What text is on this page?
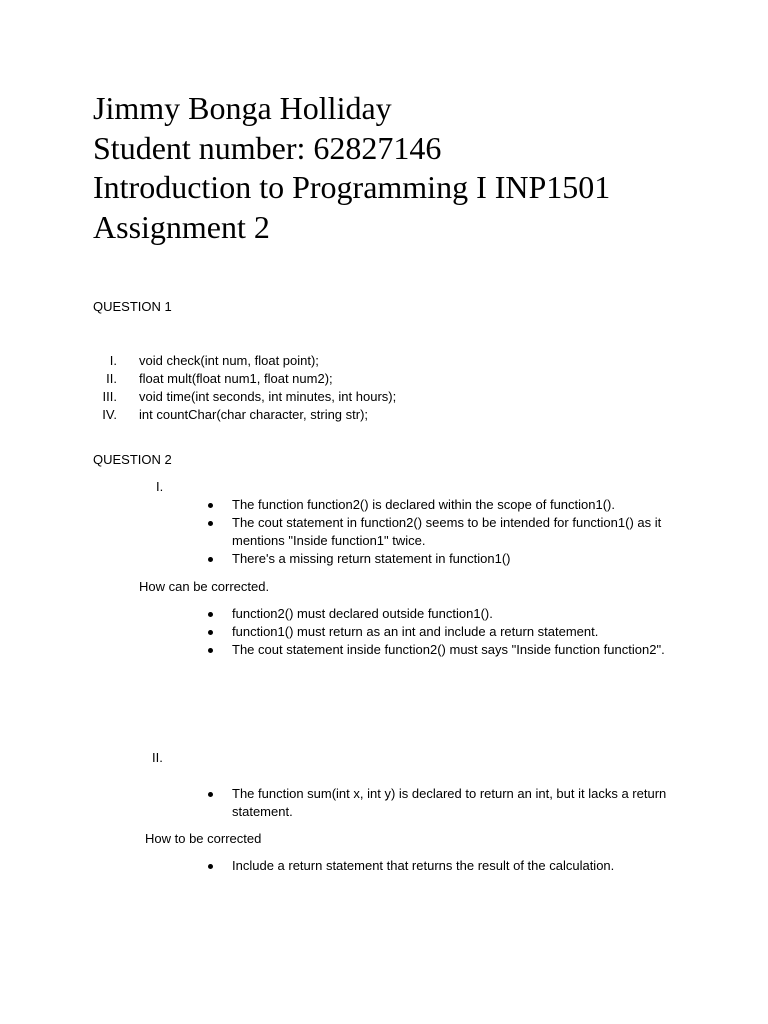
Jimmy Bonga Holliday
Student number: 62827146
Introduction to Programming I INP1501
Assignment 2
QUESTION 1
I. void check(int num, float point);
II. float mult(float num1, float num2);
III. void time(int seconds, int minutes, int hours);
IV. int countChar(char character, string str);
QUESTION 2
I.
The function function2() is declared within the scope of function1().
The cout statement in function2() seems to be intended for function1() as it mentions "Inside function1" twice.
There's a missing return statement in function1()
How can be corrected.
function2() must declared outside function1().
function1() must return as an int and include a return statement.
The cout statement inside function2() must says "Inside function function2".
II.
The function sum(int x, int y) is declared to return an int, but it lacks a return statement.
How to be corrected
Include a return statement that returns the result of the calculation.
